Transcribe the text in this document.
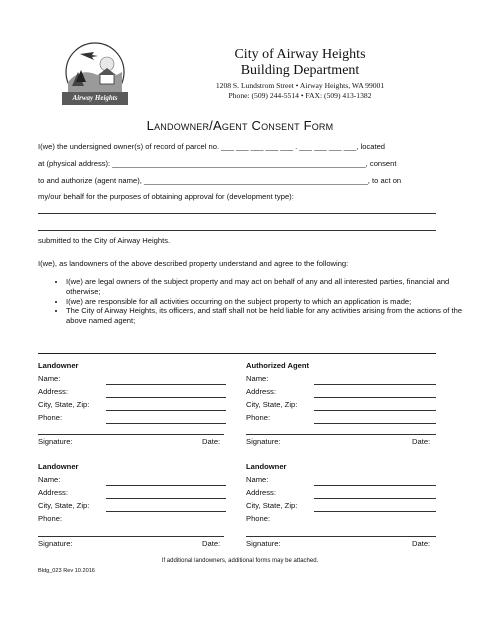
Airway Heights
City of Airway Heights
Building Department
1208 S. Lundstrom Street • Airway Heights, WA 99001
Phone: (509) 244-5514 • FAX: (509) 413-1382
Landowner/Agent Consent Form
I(we) the undersigned owner(s) of record of parcel no. ___ ___ ___ ___ ___ . ___ ___ ___ ___, located
at (physical address): ____________________________________________________________, consent
to and authorize (agent name), _____________________________________________________, to act on
my/our behalf for the purposes of obtaining approval for (development type):
submitted to the City of Airway Heights.
I(we), as landowners of the above described property understand and agree to the following:
• I(we) are legal owners of the subject property and may act on behalf of any and all interested parties, financial and otherwise;
• I(we) are responsible for all activities occurring on the subject property to which an application is made;
• The City of Airway Heights, its officers, and staff shall not be held liable for any activities arising from the actions of the above named agent;
Landowner
Name:
Address:
City, State, Zip:
Phone:
Signature:	Date:
Authorized Agent
Name:
Address:
City, State, Zip:
Phone:
Signature:	Date:
Landowner
Name:
Address:
City, State, Zip:
Phone:
Signature:	Date:
Landowner
Name:
Address:
City, State, Zip:
Phone:
Signature:	Date:
If additional landowners, additional forms may be attached.
Bldg_023 Rev 10.2016
